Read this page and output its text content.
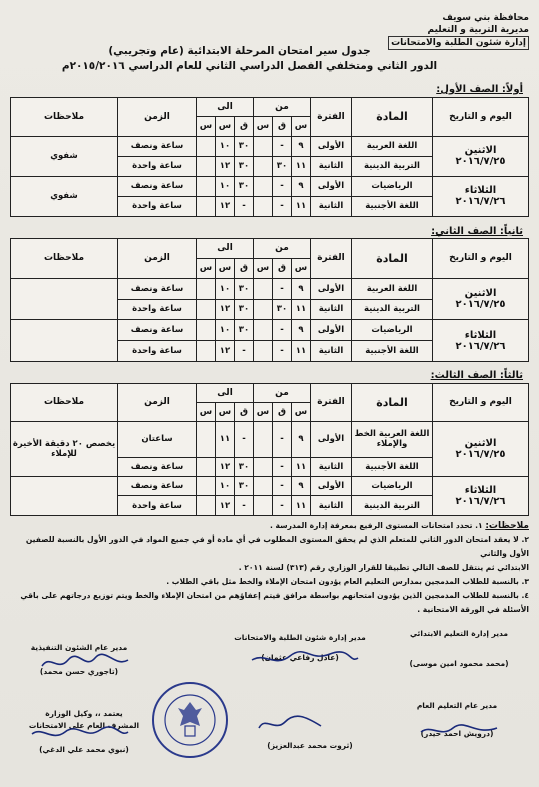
محافظة بني سويف
مديرية التربية و التعليم
إدارة شئون الطلبة والامتحانات
جدول سير امتحان المرحلة الابتدائية (عام وتجريبي)
الدور الثاني ومتخلفي الفصل الدراسي الثاني للعام الدراسي ٢٠١٥/٢٠١٦م
أولاً: الصف الأول:
اليوم و التاريخ	المادة	الفترة	من			الى			الزمن	ملاحظات
			س	ق	س	ق	س	س		

الاثنين
٢٠١٦/٧/٢٥	اللغة العربية	الأولى	٩	-		٣٠	١٠		ساعة ونصف	شفوي
	التربية الدينية	الثانية	١١	٣٠		٣٠	١٢		ساعة واحدة	

الثلاثاء
٢٠١٦/٧/٢٦	الرياضيات	الأولى	٩	-		٣٠	١٠		ساعة ونصف	شفوي
	اللغة الأجنبية	الثانية	١١	-		-	١٢		ساعة واحدة	
ثانياً: الصف الثاني:
اليوم و التاريخ	المادة	الفترة	من			الى			الزمن	ملاحظات
			س	ق	س	ق	س	س		

الاثنين
٢٠١٦/٧/٢٥	اللغة العربية	الأولى	٩	-		٣٠	١٠		ساعة ونصف	
	التربية الدينية	الثانية	١١	٣٠		٣٠	١٢		ساعة واحدة	

الثلاثاء
٢٠١٦/٧/٢٦	الرياضيات	الأولى	٩	-		٣٠	١٠		ساعة ونصف	
	اللغة الأجنبية	الثانية	١١	-		-	١٢		ساعة واحدة	
ثالثاً: الصف الثالث:
اليوم و التاريخ	المادة	الفترة	من			الى			الزمن	ملاحظات
			س	ق	س	ق	س	س		

الاثنين
٢٠١٦/٧/٢٥	اللغة العربية الخط والإملاء	الأولى	٩	-		-	١١		ساعتان	يخصص ٢٠ دقيقة الأخيرة للإملاء
	اللغة الأجنبية	الثانية	١١	-		٣٠	١٢		ساعة ونصف	

الثلاثاء
٢٠١٦/٧/٢٦	الرياضيات	الأولى	٩	-		٣٠	١٠		ساعة ونصف	
	التربية الدينية	الثانية	١١	-		-	١٢		ساعة واحدة	
ملاحظات: ١. تحدد امتحانات المستوى الرفيع بمعرفة إدارة المدرسة .
٢. لا يعقد امتحان الدور الثاني للمتعلم الذي لم يحقق المستوى المطلوب في أي مادة أو في جميع المواد في الدور الأول بالنسبة للصفين الأول والثاني
الابتدائي ثم ينتقل للصف التالي تطبيقا للقرار الوزاري رقم (٣١٣) لسنة ٢٠١١ .
٣. بالنسبة للطلاب المدمجين بمدارس التعليم العام يؤدون امتحان الإملاء والخط مثل باقي الطلاب .
٤. بالنسبة للطلاب المدمجين الذين يؤدون امتحانهم بواسطة مرافق فيتم إعفاؤهم من امتحان الإملاء والخط ويتم توزيع درجاتهم على باقي
الأسئلة في الورقة الامتحانية .
مدير إدارة التعليم الابتدائي
(محمد محمود امين موسى)
مدير إدارة شئون الطلبة والامتحانات
(عادل رفاعي عثمان)
مدير عام الشئون التنفيذية
(تاجوري حسن محمد)
يعتمد ،، وكيل الوزارة
المشرف العام على الامتحانات
(نبوي محمد علي الدغي)
مدير عام التعليم العام
(درويش احمد حيدر)
(ثروت محمد عبدالعزيز)
